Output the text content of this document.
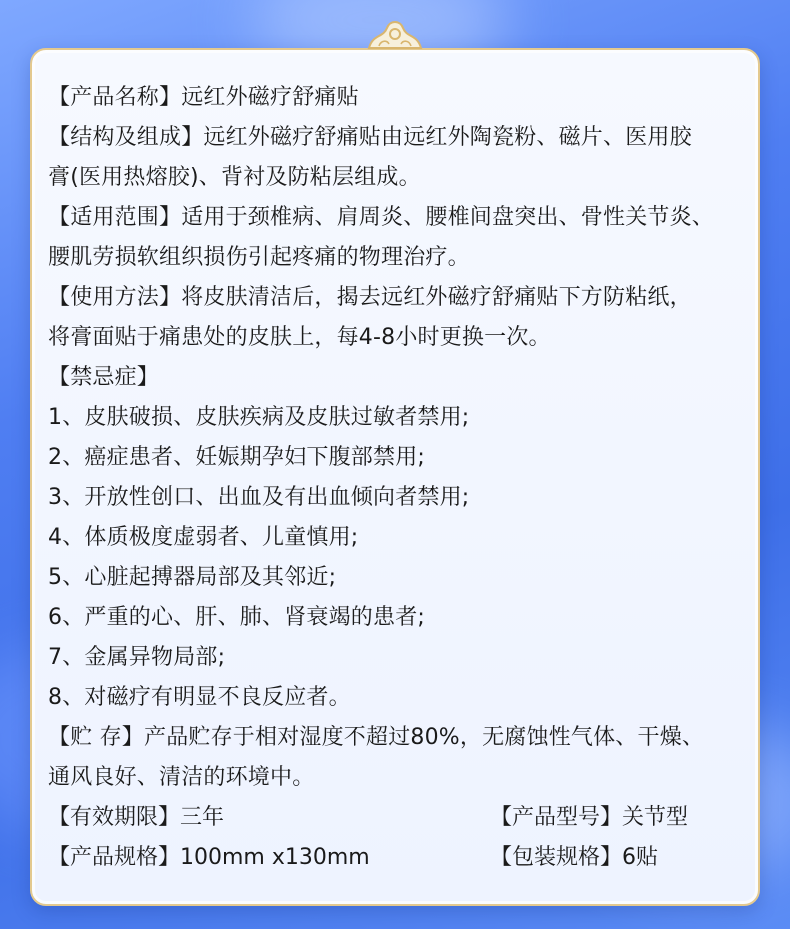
【产品名称】远红外磁疗舒痛贴
【结构及组成】远红外磁疗舒痛贴由远红外陶瓷粉、磁片、医用胶
膏(医用热熔胶)、背衬及防粘层组成。
【适用范围】适用于颈椎病、肩周炎、腰椎间盘突出、骨性关节炎、
腰肌劳损软组织损伤引起疼痛的物理治疗。
【使用方法】将皮肤清洁后，揭去远红外磁疗舒痛贴下方防粘纸，
将膏面贴于痛患处的皮肤上，每4-8小时更换一次。
【禁忌症】
1、皮肤破损、皮肤疾病及皮肤过敏者禁用;
2、癌症患者、妊娠期孕妇下腹部禁用;
3、开放性创口、出血及有出血倾向者禁用;
4、体质极度虚弱者、儿童慎用;
5、心脏起搏器局部及其邻近;
6、严重的心、肝、肺、肾衰竭的患者;
7、金属异物局部;
8、对磁疗有明显不良反应者。
【贮 存】产品贮存于相对湿度不超过80%，无腐蚀性气体、干燥、
通风良好、清洁的环境中。
【有效期限】三年	【产品型号】关节型
【产品规格】100mm x130mm	【包装规格】6贴
